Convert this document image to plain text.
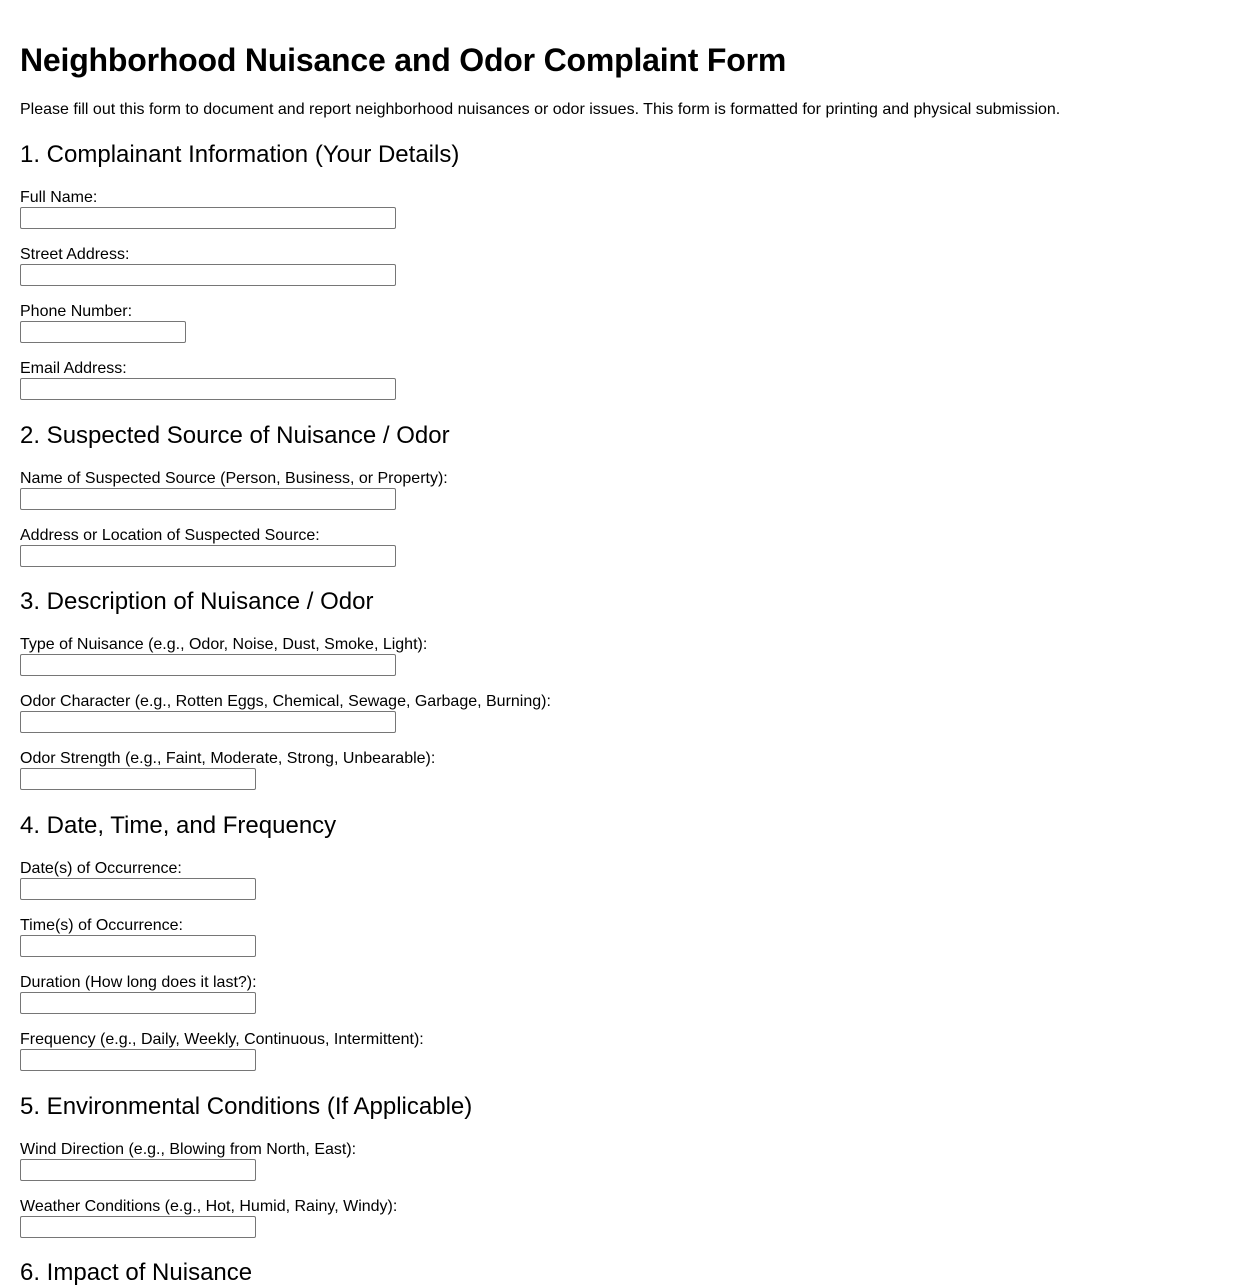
Neighborhood Nuisance and Odor Complaint Form

Please fill out this form to document and report neighborhood nuisances or odor issues. This form is formatted for printing and physical submission.

1. Complainant Information (Your Details)
Full Name:
Street Address:
Phone Number:
Email Address:
2. Suspected Source of Nuisance / Odor
Name of Suspected Source (Person, Business, or Property):
Address or Location of Suspected Source:
3. Description of Nuisance / Odor
Type of Nuisance (e.g., Odor, Noise, Dust, Smoke, Light):
Odor Character (e.g., Rotten Eggs, Chemical, Sewage, Garbage, Burning):
Odor Strength (e.g., Faint, Moderate, Strong, Unbearable):
4. Date, Time, and Frequency
Date(s) of Occurrence:
Time(s) of Occurrence:
Duration (How long does it last?):
Frequency (e.g., Daily, Weekly, Continuous, Intermittent):
5. Environmental Conditions (If Applicable)
Wind Direction (e.g., Blowing from North, East):
Weather Conditions (e.g., Hot, Humid, Rainy, Windy):
6. Impact of Nuisance
